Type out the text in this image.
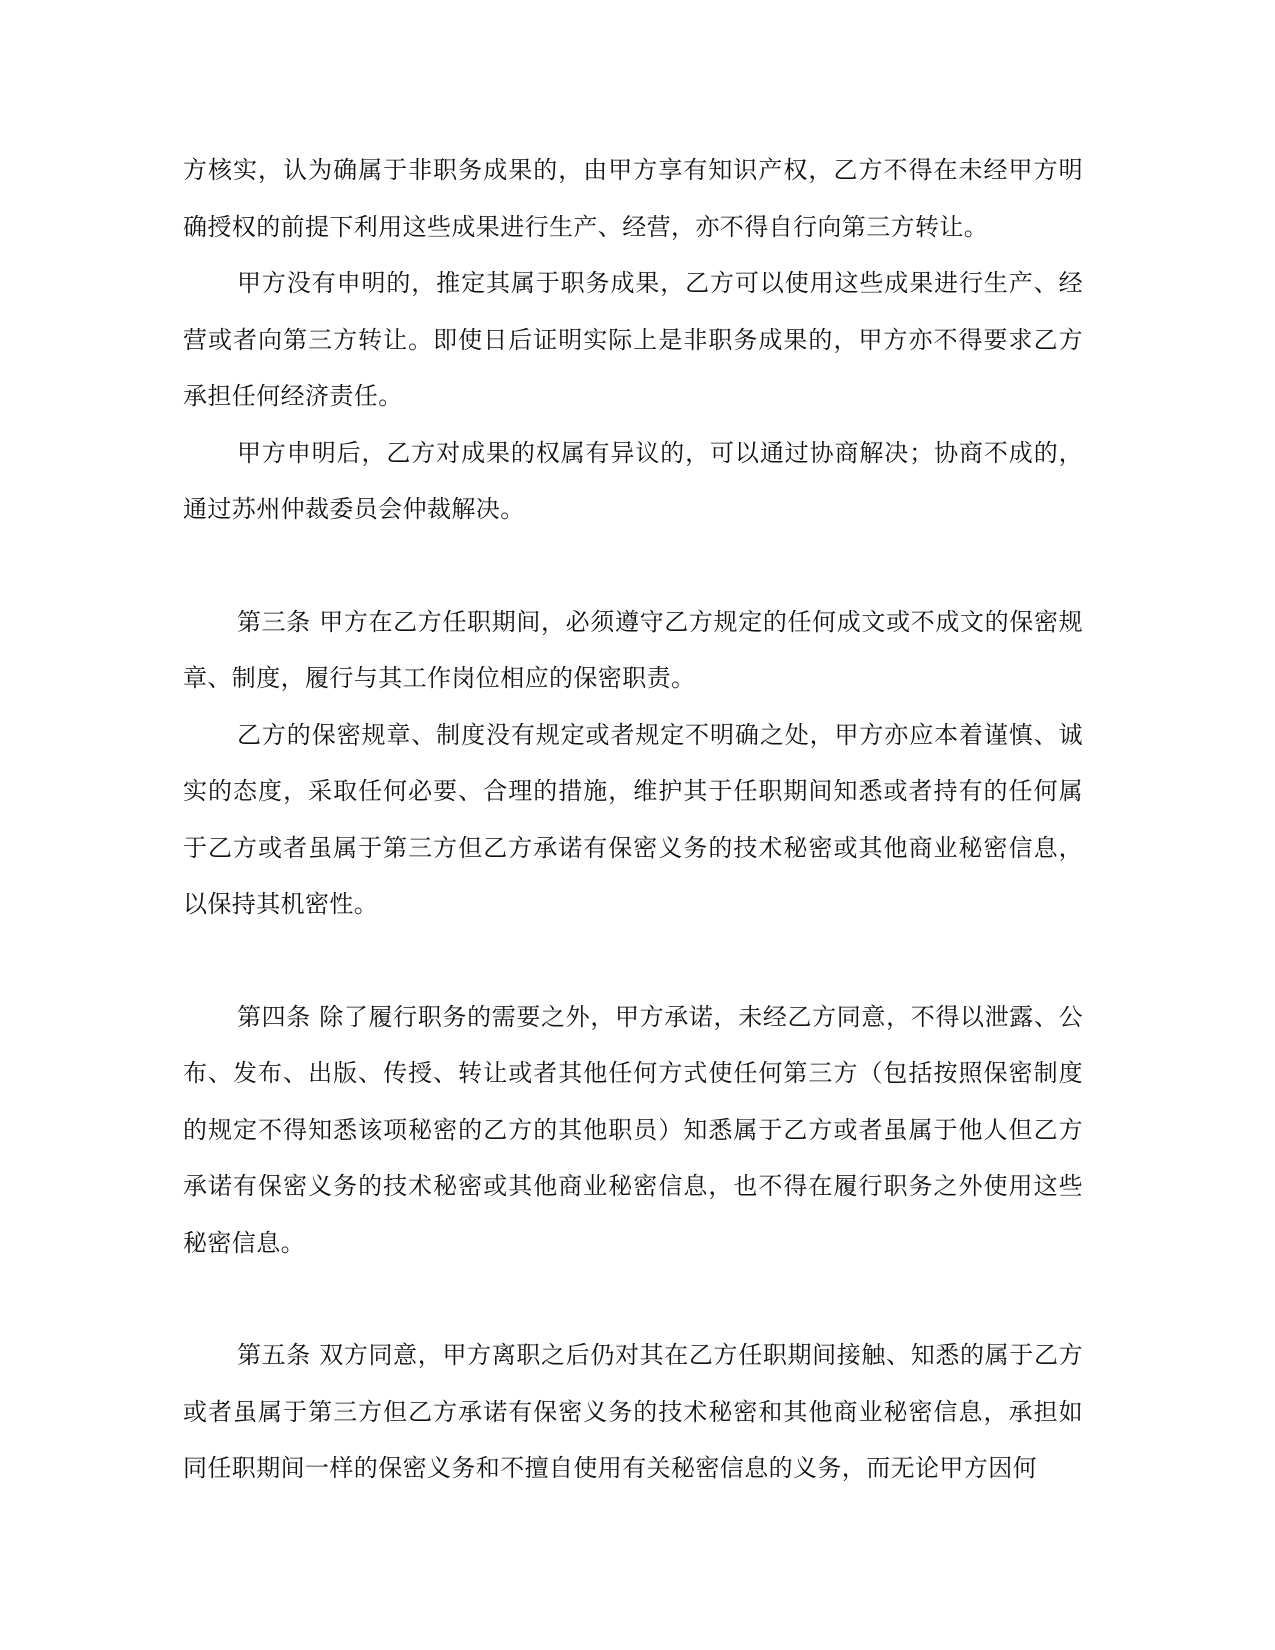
方核实，认为确属于非职务成果的，由甲方享有知识产权，乙方不得在未经甲方明确授权的前提下利用这些成果进行生产、经营，亦不得自行向第三方转让。

甲方没有申明的，推定其属于职务成果，乙方可以使用这些成果进行生产、经营或者向第三方转让。即使日后证明实际上是非职务成果的，甲方亦不得要求乙方承担任何经济责任。

甲方申明后，乙方对成果的权属有异议的，可以通过协商解决；协商不成的，通过苏州仲裁委员会仲裁解决。

第三条 甲方在乙方任职期间，必须遵守乙方规定的任何成文或不成文的保密规章、制度，履行与其工作岗位相应的保密职责。

乙方的保密规章、制度没有规定或者规定不明确之处，甲方亦应本着谨慎、诚实的态度，采取任何必要、合理的措施，维护其于任职期间知悉或者持有的任何属于乙方或者虽属于第三方但乙方承诺有保密义务的技术秘密或其他商业秘密信息，以保持其机密性。

第四条 除了履行职务的需要之外，甲方承诺，未经乙方同意，不得以泄露、公布、发布、出版、传授、转让或者其他任何方式使任何第三方（包括按照保密制度的规定不得知悉该项秘密的乙方的其他职员）知悉属于乙方或者虽属于他人但乙方承诺有保密义务的技术秘密或其他商业秘密信息，也不得在履行职务之外使用这些秘密信息。

第五条 双方同意，甲方离职之后仍对其在乙方任职期间接触、知悉的属于乙方或者虽属于第三方但乙方承诺有保密义务的技术秘密和其他商业秘密信息，承担如同任职期间一样的保密义务和不擅自使用有关秘密信息的义务，而无论甲方因何
